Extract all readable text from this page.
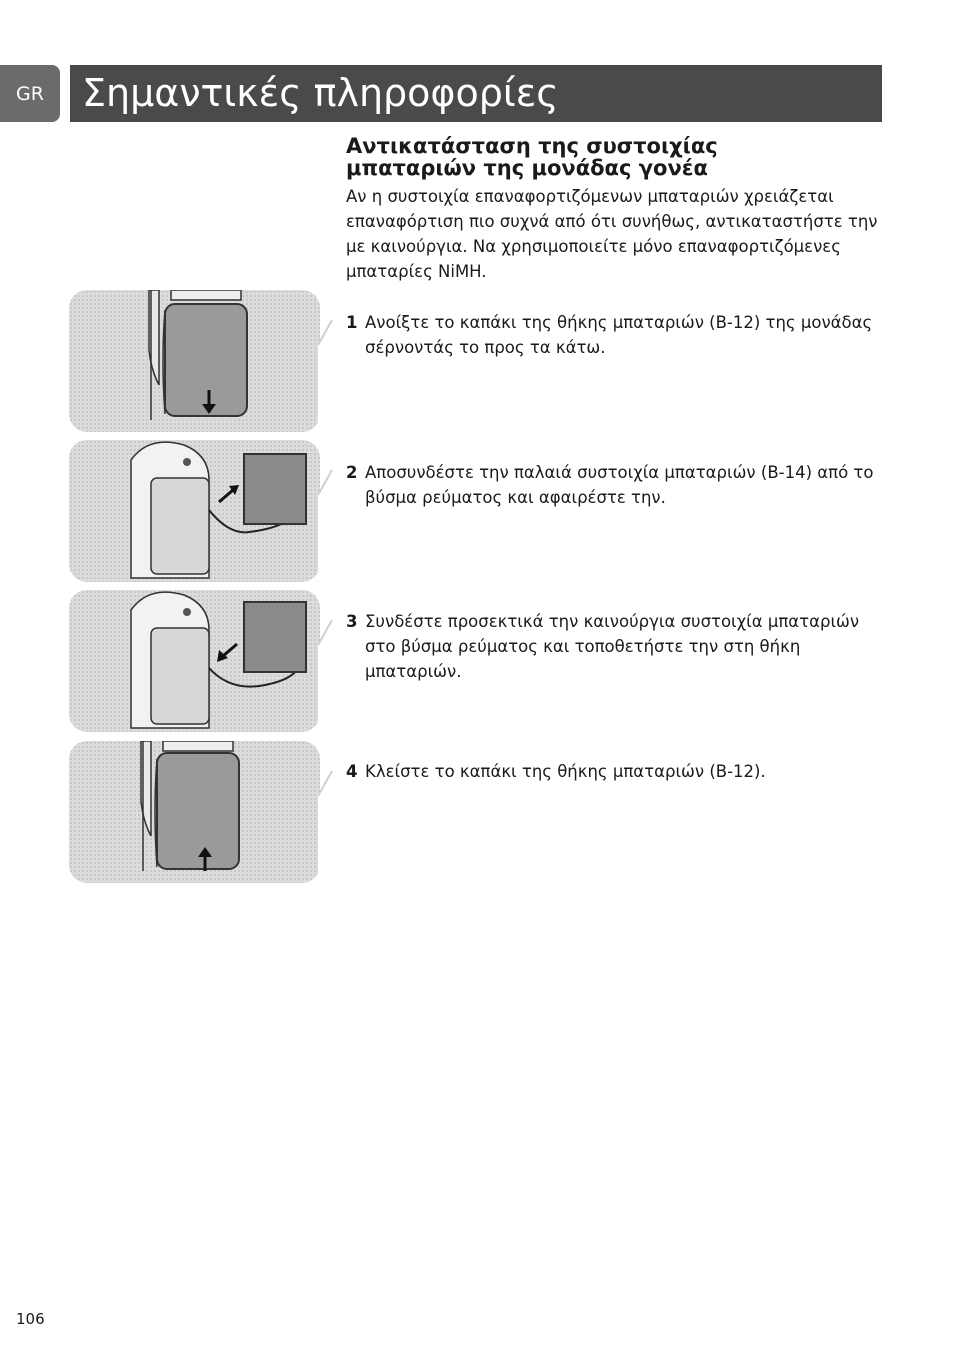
GR	Σημαντικές πληροφορίες
Αντικατάσταση της συστοιχίας
μπαταριών της μονάδας γονέα

Αν η συστοιχία επαναφορτιζόμενων μπαταριών χρειάζεται επαναφόρτιση πιο συχνά από ότι συνήθως, αντικαταστήστε την με καινούργια. Να χρησιμοποιείτε μόνο επαναφορτιζόμενες μπαταρίες NiMH.

1 Ανοίξτε το καπάκι της θήκης μπαταριών (B-12) της μονάδας σέρνοντάς το προς τα κάτω.
2 Αποσυνδέστε την παλαιά συστοιχία μπαταριών (B-14) από το βύσμα ρεύματος και αφαιρέστε την.
3 Συνδέστε προσεκτικά την καινούργια συστοιχία μπαταριών στο βύσμα ρεύματος και τοποθετήστε την στη θήκη μπαταριών.
4 Κλείστε το καπάκι της θήκης μπαταριών (B-12).
106
